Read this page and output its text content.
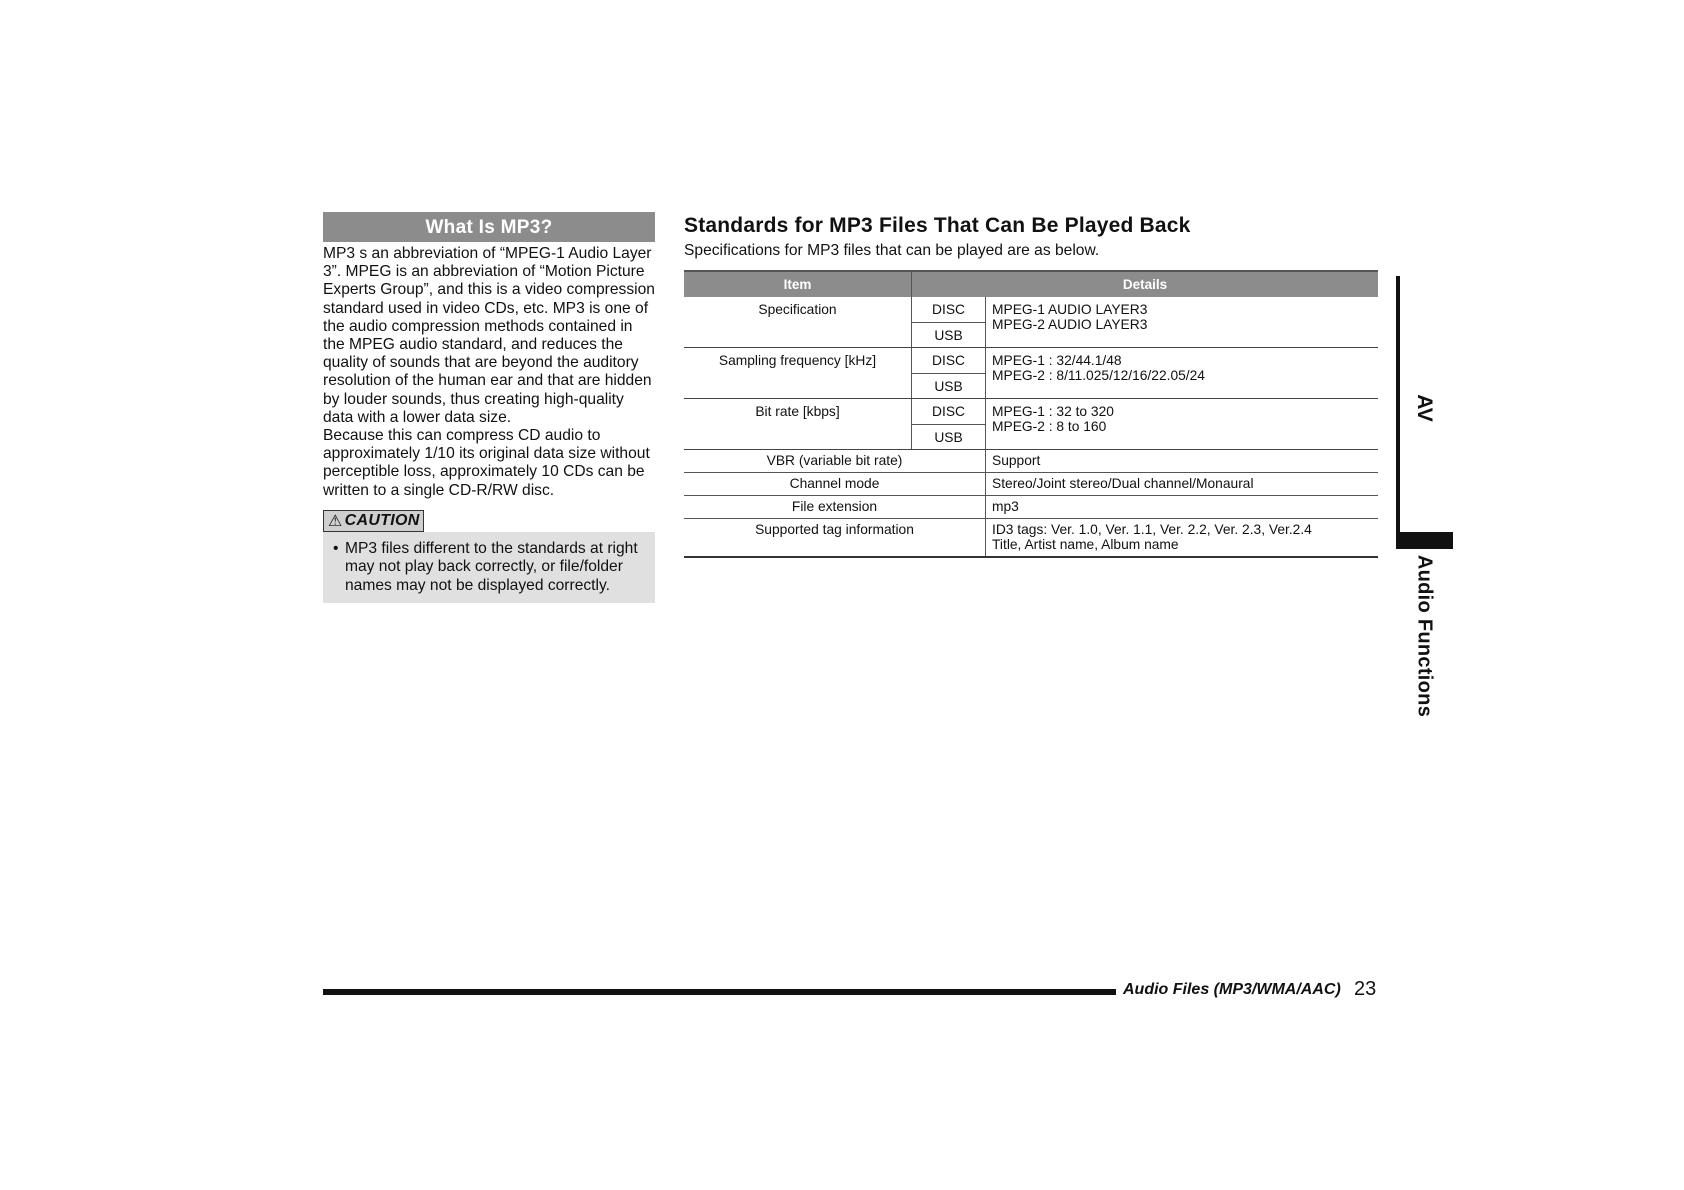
What Is MP3?

MP3 s an abbreviation of “MPEG-1 Audio Layer 3”. MPEG is an abbreviation of “Motion Picture Experts Group”, and this is a video compression standard used in video CDs, etc. MP3 is one of the audio compression methods contained in the MPEG audio standard, and reduces the quality of sounds that are beyond the auditory resolution of the human ear and that are hidden by louder sounds, thus creating high-quality data with a lower data size.

Because this can compress CD audio to approximately 1/10 its original data size without perceptible loss, approximately 10 CDs can be written to a single CD-R/RW disc.

⚠ CAUTION
• MP3 files different to the standards at right may not play back correctly, or file/folder names may not be displayed correctly.
Standards for MP3 Files That Can Be Played Back

Specifications for MP3 files that can be played are as below.

Item	Details	
Specification	DISC	MPEG-1 AUDIO LAYER3
MPEG-2 AUDIO LAYER3

	USB	
Sampling frequency [kHz]	DISC	MPEG-1 : 32/44.1/48
MPEG-2 : 8/11.025/12/16/22.05/24

	USB	
Bit rate [kbps]	DISC	MPEG-1 : 32 to 320
MPEG-2 : 8 to 160

	USB	
VBR (variable bit rate)		Support
Channel mode		Stereo/Joint stereo/Dual channel/Monaural
File extension		mp3
Supported tag information		ID3 tags: Ver. 1.0, Ver. 1.1, Ver. 2.2, Ver. 2.3, Ver.2.4
Title, Artist name, Album name
AV
Audio Functions
Audio Files (MP3/WMA/AAC) 23
